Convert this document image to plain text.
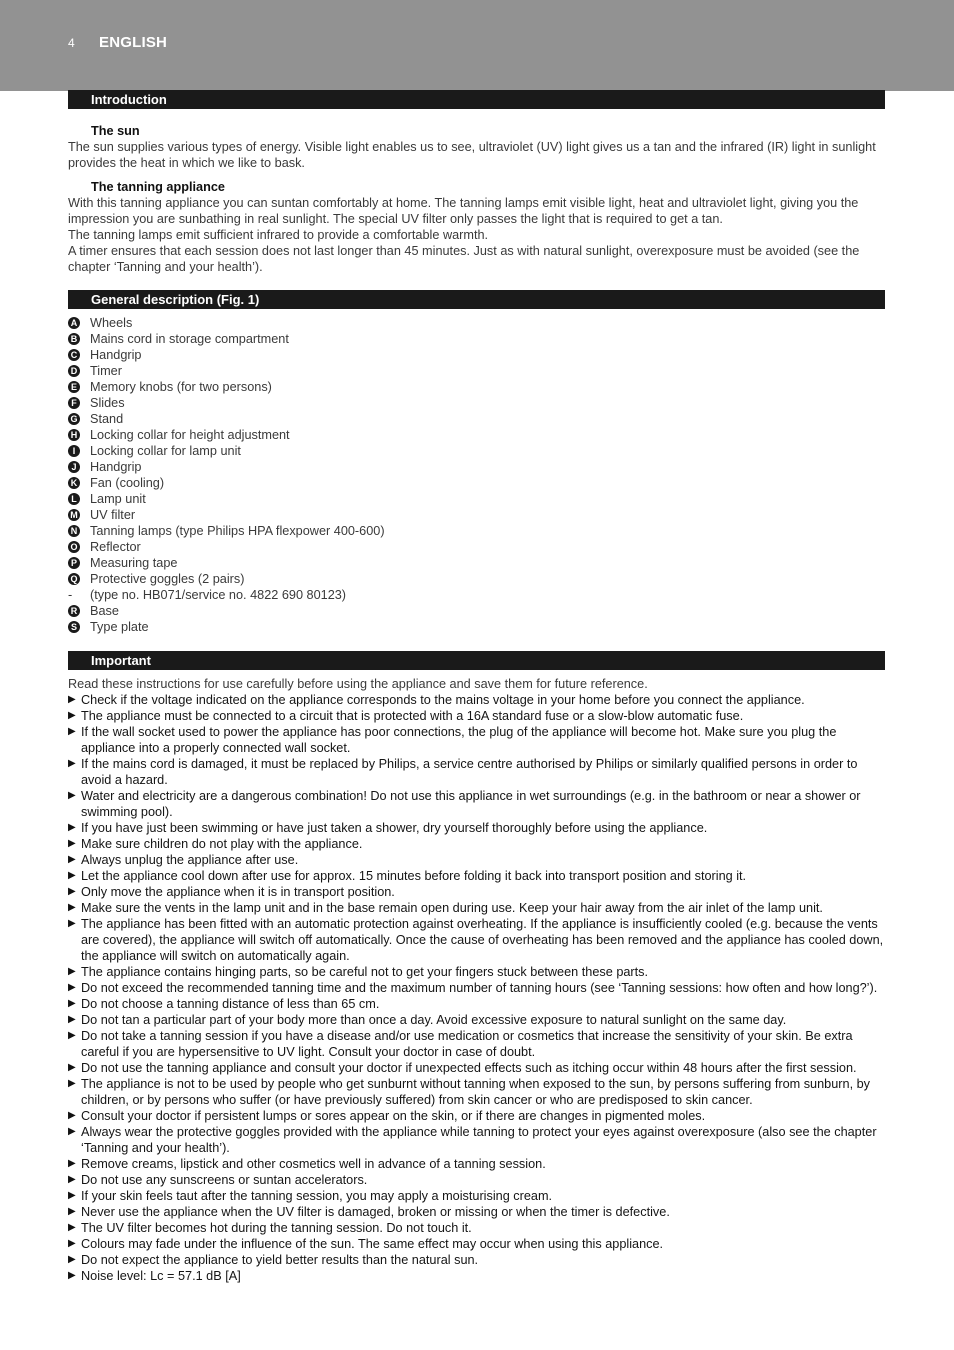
4 ENGLISH
Introduction
The sun
The sun supplies various types of energy. Visible light enables us to see, ultraviolet (UV) light gives us a tan and the infrared (IR) light in sunlight provides the heat in which we like to bask.
The tanning appliance
With this tanning appliance you can suntan comfortably at home. The tanning lamps emit visible light, heat and ultraviolet light, giving you the impression you are sunbathing in real sunlight. The special UV filter only passes the light that is required to get a tan.
The tanning lamps emit sufficient infrared to provide a comfortable warmth.
A timer ensures that each session does not last longer than 45 minutes. Just as with natural sunlight, overexposure must be avoided (see the chapter ‘Tanning and your health’).
General description (Fig. 1)
A Wheels
B Mains cord in storage compartment
C Handgrip
D Timer
E Memory knobs (for two persons)
F Slides
G Stand
H Locking collar for height adjustment
I	Locking collar for lamp unit
J Handgrip
K Fan (cooling)
L Lamp unit
M UV filter
N Tanning lamps (type Philips HPA flexpower 400-600)
O Reflector
P Measuring tape
Q Protective goggles (2 pairs)
-	(type no. HB071/service no. 4822 690 80123)
R Base
S Type plate
Important
Read these instructions for use carefully before using the appliance and save them for future reference.
▶ Check if the voltage indicated on the appliance corresponds to the mains voltage in your home before you connect the appliance.
▶ The appliance must be connected to a circuit that is protected with a 16A standard fuse or a slow-blow automatic fuse.
▶ If the wall socket used to power the appliance has poor connections, the plug of the appliance will become hot. Make sure you plug the appliance into a properly connected wall socket.
▶ If the mains cord is damaged, it must be replaced by Philips, a service centre authorised by Philips or similarly qualified persons in order to avoid a hazard.
▶ Water and electricity are a dangerous combination! Do not use this appliance in wet surroundings (e.g. in the bathroom or near a shower or swimming pool).
▶ If you have just been swimming or have just taken a shower, dry yourself thoroughly before using the appliance.
▶ Make sure children do not play with the appliance.
▶ Always unplug the appliance after use.
▶ Let the appliance cool down after use for approx. 15 minutes before folding it back into transport position and storing it.
▶ Only move the appliance when it is in transport position.
▶ Make sure the vents in the lamp unit and in the base remain open during use. Keep your hair away from the air inlet of the lamp unit.
▶ The appliance has been fitted with an automatic protection against overheating. If the appliance is insufficiently cooled (e.g. because the vents are covered), the appliance will switch off automatically. Once the cause of overheating has been removed and the appliance has cooled down, the appliance will switch on automatically again.
▶ The appliance contains hinging parts, so be careful not to get your fingers stuck between these parts.
▶ Do not exceed the recommended tanning time and the maximum number of tanning hours (see ‘Tanning sessions: how often and how long?’).
▶ Do not choose a tanning distance of less than 65 cm.
▶ Do not tan a particular part of your body more than once a day. Avoid excessive exposure to natural sunlight on the same day.
▶ Do not take a tanning session if you have a disease and/or use medication or cosmetics that increase the sensitivity of your skin. Be extra careful if you are hypersensitive to UV light. Consult your doctor in case of doubt.
▶ Do not use the tanning appliance and consult your doctor if unexpected effects such as itching occur within 48 hours after the first session.
▶ The appliance is not to be used by people who get sunburnt without tanning when exposed to the sun, by persons suffering from sunburn, by children, or by persons who suffer (or have previously suffered) from skin cancer or who are predisposed to skin cancer.
▶ Consult your doctor if persistent lumps or sores appear on the skin, or if there are changes in pigmented moles.
▶ Always wear the protective goggles provided with the appliance while tanning to protect your eyes against overexposure (also see the chapter ‘Tanning and your health’).
▶ Remove creams, lipstick and other cosmetics well in advance of a tanning session.
▶ Do not use any sunscreens or suntan accelerators.
▶ If your skin feels taut after the tanning session, you may apply a moisturising cream.
▶ Never use the appliance when the UV filter is damaged, broken or missing or when the timer is defective.
▶ The UV filter becomes hot during the tanning session. Do not touch it.
▶ Colours may fade under the influence of the sun. The same effect may occur when using this appliance.
▶ Do not expect the appliance to yield better results than the natural sun.
▶ Noise level: Lc = 57.1 dB [A]
